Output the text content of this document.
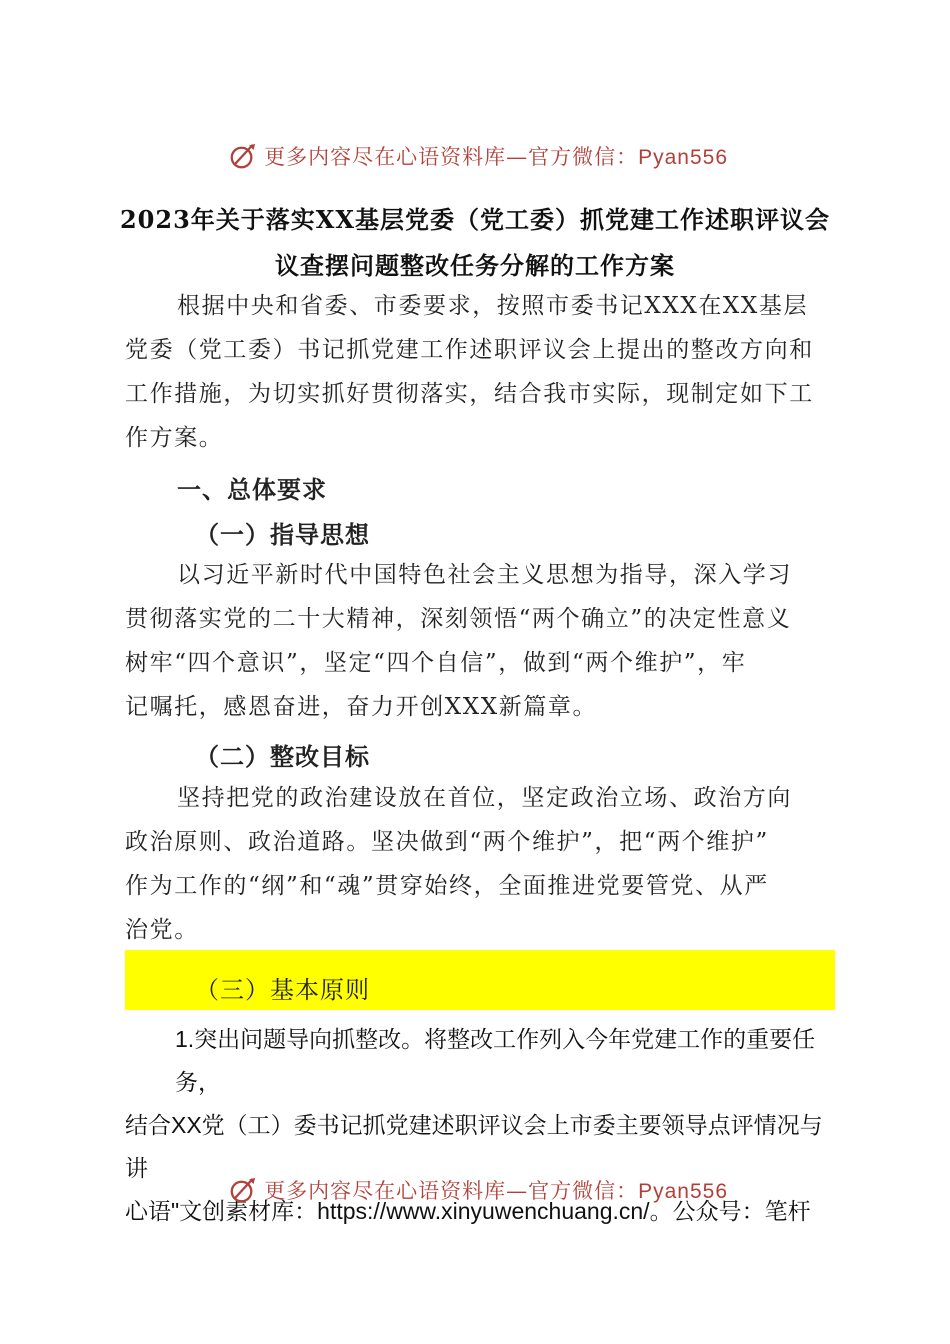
更多内容尽在心语资料库—官方微信：Pyan556
2023年关于落实XX基层党委（党工委）抓党建工作述职评议会
议查摆问题整改任务分解的工作方案
根据中央和省委、市委要求，按照市委书记XXX在XX基层
党委（党工委）书记抓党建工作述职评议会上提出的整改方向和
工作措施，为切实抓好贯彻落实，结合我市实际，现制定如下工
作方案。
一、总体要求
（一）指导思想
以习近平新时代中国特色社会主义思想为指导，深入学习
贯彻落实党的二十大精神，深刻领悟“两个确立”的决定性意义
树牢“四个意识”，坚定“四个自信”，做到“两个维护”，牢
记嘱托，感恩奋进，奋力开创XXX新篇章。
（二）整改目标
坚持把党的政治建设放在首位，坚定政治立场、政治方向
政治原则、政治道路。坚决做到“两个维护”，把“两个维护”
作为工作的“纲”和“魂”贯穿始终，全面推进党要管党、从严
治党。
（三）基本原则
1.突出问题导向抓整改。将整改工作列入今年党建工作的重要任务，
结合XX党（工）委书记抓党建述职评议会上市委主要领导点评情况与讲
心语"文创素材库：https://www.xinyuwenchuang.cn/。公众号：笔杆
更多内容尽在心语资料库—官方微信：Pyan556
